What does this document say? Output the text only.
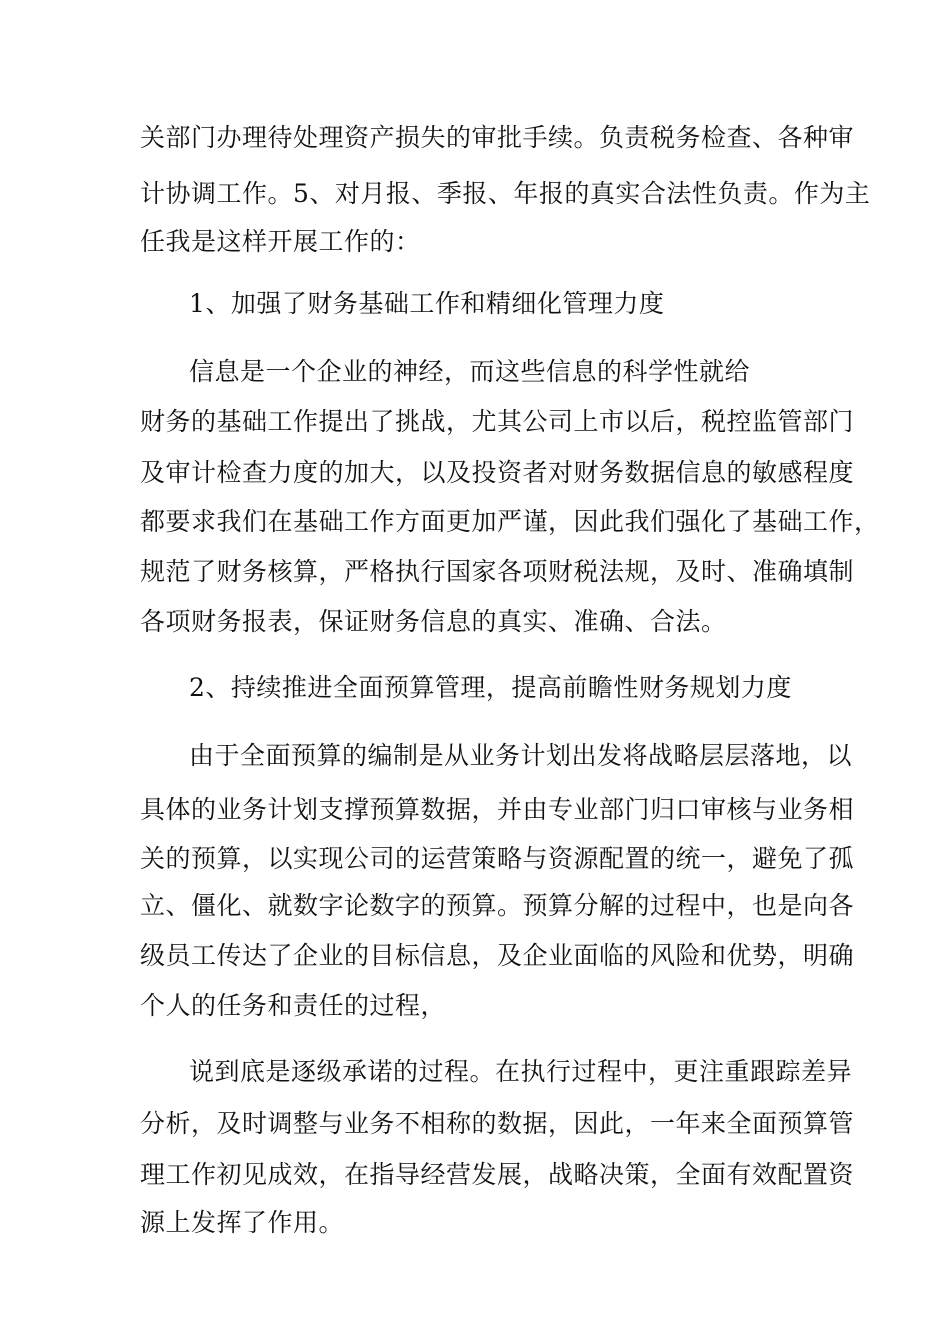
关部门办理待处理资产损失的审批手续。负责税务检查、各种审
计协调工作。5、对月报、季报、年报的真实合法性负责。作为主
任我是这样开展工作的：
1、加强了财务基础工作和精细化管理力度
信息是一个企业的神经，而这些信息的科学性就给
财务的基础工作提出了挑战，尤其公司上市以后，税控监管部门
及审计检查力度的加大，以及投资者对财务数据信息的敏感程度
都要求我们在基础工作方面更加严谨，因此我们强化了基础工作，
规范了财务核算，严格执行国家各项财税法规，及时、准确填制
各项财务报表，保证财务信息的真实、准确、合法。
2、持续推进全面预算管理，提高前瞻性财务规划力度
由于全面预算的编制是从业务计划出发将战略层层落地，以
具体的业务计划支撑预算数据，并由专业部门归口审核与业务相
关的预算，以实现公司的运营策略与资源配置的统一，避免了孤
立、僵化、就数字论数字的预算。预算分解的过程中，也是向各
级员工传达了企业的目标信息，及企业面临的风险和优势，明确
个人的任务和责任的过程，
说到底是逐级承诺的过程。在执行过程中，更注重跟踪差异
分析，及时调整与业务不相称的数据，因此，一年来全面预算管
理工作初见成效，在指导经营发展，战略决策，全面有效配置资
源上发挥了作用。
